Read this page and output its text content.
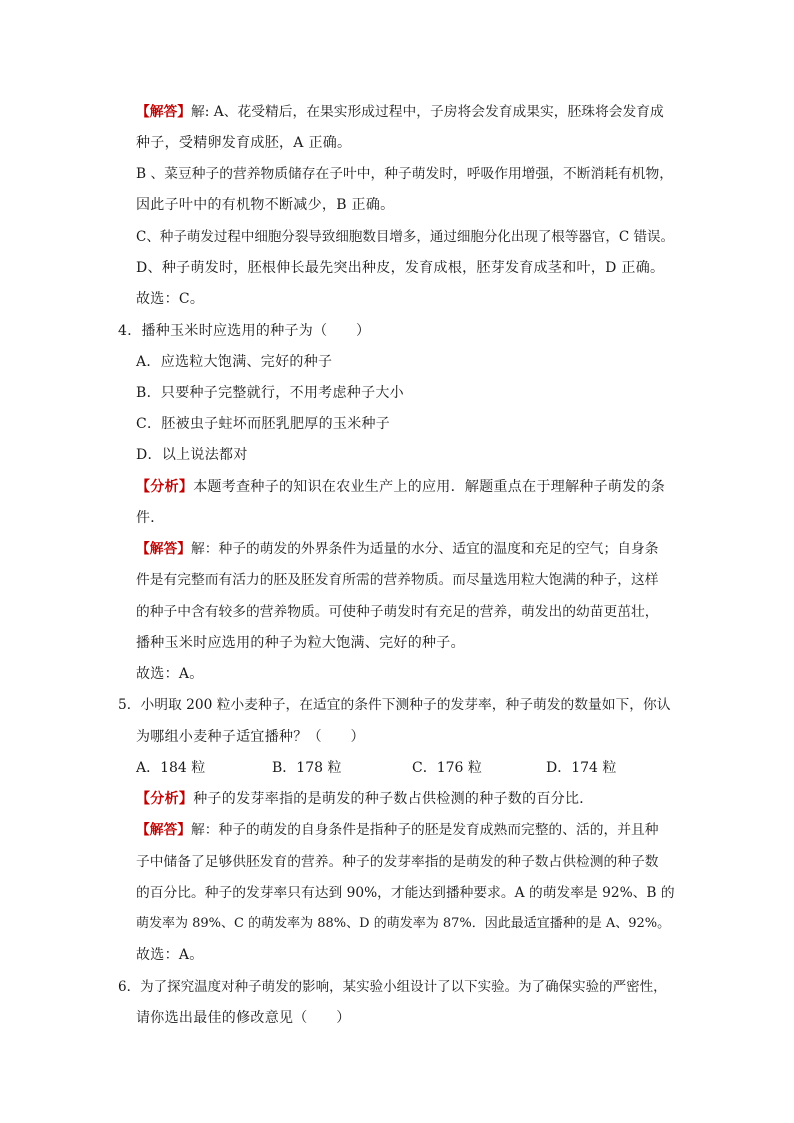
【解答】解: A、花受精后，在果实形成过程中，子房将会发育成果实，胚珠将会发育成
种子，受精卵发育成胚，A 正确。
B 、菜豆种子的营养物质储存在子叶中，种子萌发时，呼吸作用增强，不断消耗有机物，
因此子叶中的有机物不断减少，B 正确。
C、种子萌发过程中细胞分裂导致细胞数目增多，通过细胞分化出现了根等器官，C 错误。
D、种子萌发时，胚根伸长最先突出种皮，发育成根，胚芽发育成茎和叶，D 正确。
故选：C。
4．播种玉米时应选用的种子为（　　）
A．应选粒大饱满、完好的种子
B．只要种子完整就行，不用考虑种子大小
C．胚被虫子蛀坏而胚乳肥厚的玉米种子
D．以上说法都对
【分析】本题考查种子的知识在农业生产上的应用．解题重点在于理解种子萌发的条
件．
【解答】解：种子的萌发的外界条件为适量的水分、适宜的温度和充足的空气；自身条
件是有完整而有活力的胚及胚发育所需的营养物质。而尽量选用粒大饱满的种子，这样
的种子中含有较多的营养物质。可使种子萌发时有充足的营养，萌发出的幼苗更茁壮，
播种玉米时应选用的种子为粒大饱满、完好的种子。
故选：A。
5．小明取 200 粒小麦种子，在适宜的条件下测种子的发芽率，种子萌发的数量如下，你认
为哪组小麦种子适宜播种？（　　）
A．184 粒	B．178 粒	C．176 粒	D．174 粒
【分析】种子的发芽率指的是萌发的种子数占供检测的种子数的百分比．
【解答】解：种子的萌发的自身条件是指种子的胚是发育成熟而完整的、活的，并且种
子中储备了足够供胚发育的营养。种子的发芽率指的是萌发的种子数占供检测的种子数
的百分比。种子的发芽率只有达到 90%，才能达到播种要求。A 的萌发率是 92%、B 的
萌发率为 89%、C 的萌发率为 88%、D 的萌发率为 87%．因此最适宜播种的是 A、92%。
故选：A。
6．为了探究温度对种子萌发的影响，某实验小组设计了以下实验。为了确保实验的严密性，
请你选出最佳的修改意见（　　）
